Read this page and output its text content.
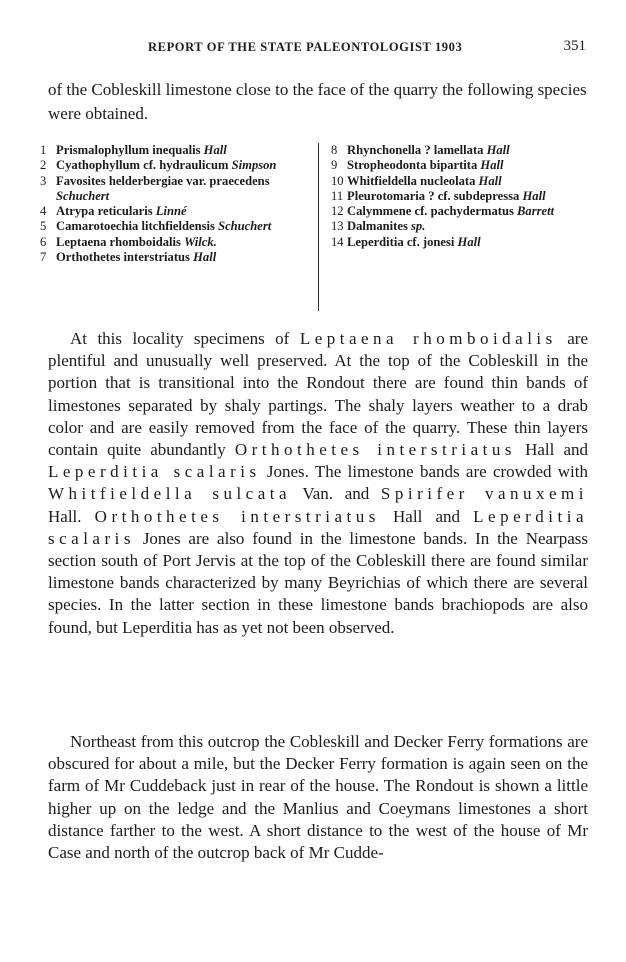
REPORT OF THE STATE PALEONTOLOGIST 1903	351

of the Cobleskill limestone close to the face of the quarry the following species were obtained.

1 Prismalophyllum inequalis Hall
2 Cyathophyllum cf. hydraulicum Simpson
3 Favosites helderbergiae var. praecedens Schuchert
4 Atrypa reticularis Linné
5 Camarotoechia litchfieldensis Schuchert
6 Leptaena rhomboidalis Wilck.
7 Orthothetes interstriatus Hall
8 Rhynchonella ? lamellata Hall
9 Stropheodonta bipartita Hall
10 Whitfieldella nucleolata Hall
11 Pleurotomaria ? cf. subdepressa Hall
12 Calymmene cf. pachydermatus Barrett
13 Dalmanites sp.
14 Leperditia cf. jonesi Hall

At this locality specimens of Leptaena rhomboidalis are plentiful and unusually well preserved. At the top of the Cobleskill in the portion that is transitional into the Rondout there are found thin bands of limestones separated by shaly partings. The shaly layers weather to a drab color and are easily removed from the face of the quarry. These thin layers contain quite abundantly Orthothetes interstriatus Hall and Leperditia scalaris Jones. The limestone bands are crowded with Whitfieldella sulcata Van. and Spirifer vanuxemi Hall. Orthothetes interstriatus Hall and Leperditia scalaris Jones are also found in the limestone bands. In the Nearpass section south of Port Jervis at the top of the Cobleskill there are found similar limestone bands characterized by many Beyrichias of which there are several species. In the latter section in these limestone bands brachiopods are also found, but Leperditia has as yet not been observed.

Northeast from this outcrop the Cobleskill and Decker Ferry formations are obscured for about a mile, but the Decker Ferry formation is again seen on the farm of Mr Cuddeback just in rear of the house. The Rondout is shown a little higher up on the ledge and the Manlius and Coeymans limestones a short distance farther to the west. A short distance to the west of the house of Mr Case and north of the outcrop back of Mr Cudde-
